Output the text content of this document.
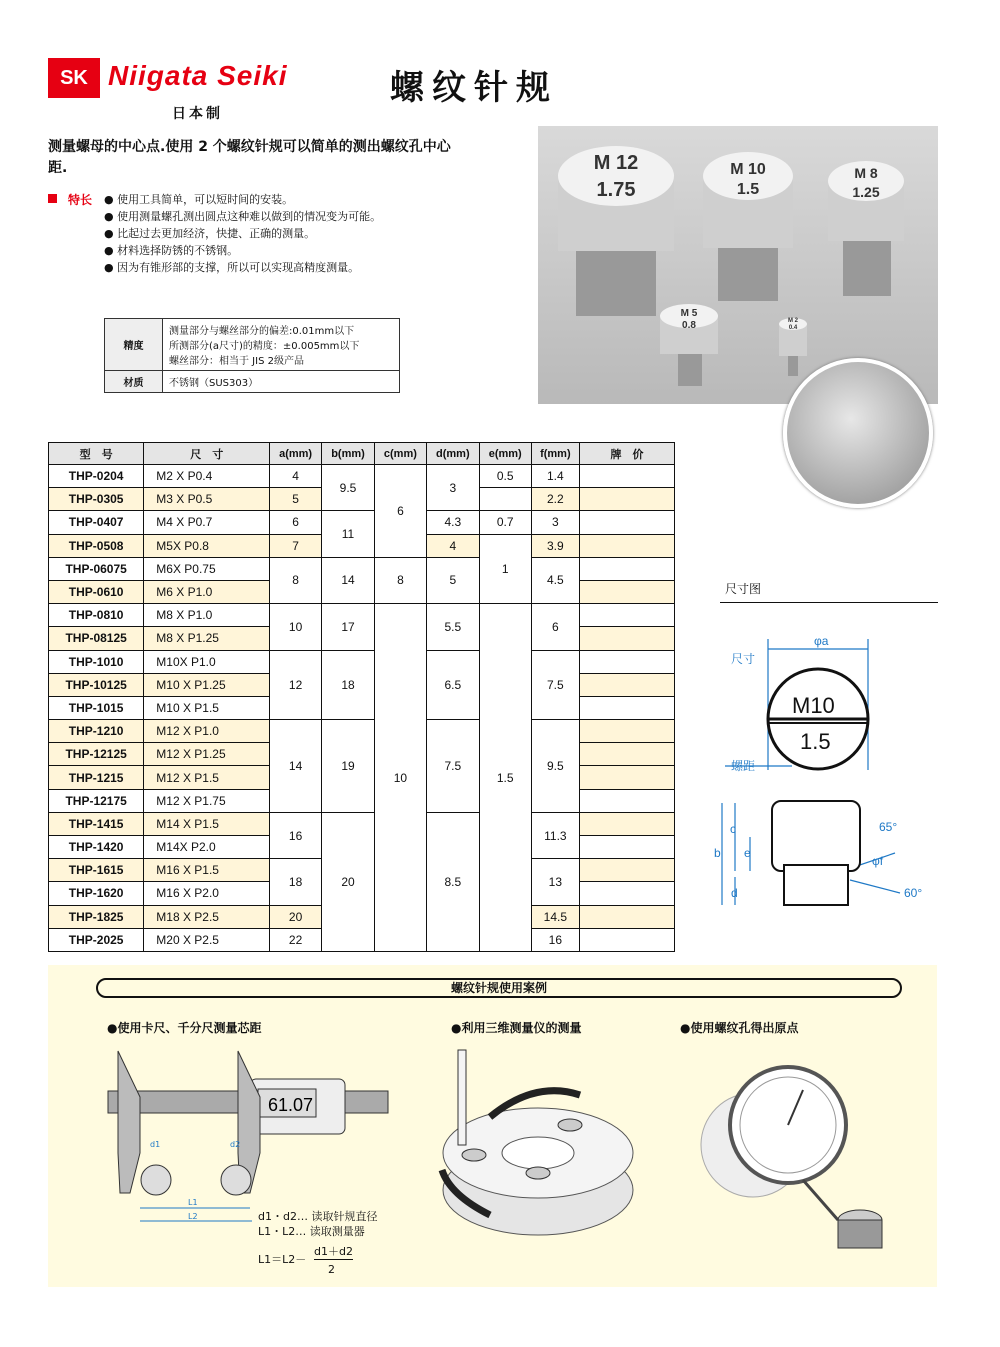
SK Niigata Seiki
日本制
螺纹针规
测量螺母的中心点.使用 2 个螺纹针规可以简单的测出螺纹孔中心距.
特长	● 使用工具简单，可以短时间的安装。
● 使用测量螺孔测出圆点这种难以做到的情况变为可能。
● 比起过去更加经济，快捷、正确的测量。
● 材料选择防锈的不锈钢。
● 因为有锥形部的支撑，所以可以实现高精度测量。
精度	测量部分与螺丝部分的偏差:0.01mm以下
所测部分(a尺寸)的精度：±0.005mm以下
螺丝部分：相当于 JIS 2级产品

材质	不锈钢（SUS303）
M 12
1.75
M 10
1.5
M 8
1.25
M 5
0.8	M 2
0.4
型　号	尺　寸	a(mm)	b(mm)	c(mm)	d(mm)	e(mm)	f(mm)	牌　价
THP-0204	M2 X P0.4	4	9.5	6	3	0.5	1.4	
THP-0305	M3 X P0.5	5					2.2	
THP-0407	M4 X P0.7	6	11		4.3	0.7	3	
THP-0508	M5X P0.8	7			4	1	3.9	
THP-06075	M6X P0.75	8	14	8	5		4.5	
THP-0610	M6 X P1.0							
THP-0810	M8 X P1.0	10	17	10	5.5	1.5	6	
THP-08125	M8 X P1.25							
THP-1010	M10X P1.0	12	18		6.5		7.5	
THP-10125	M10 X P1.25							
THP-1015	M10 X P1.5							
THP-1210	M12 X P1.0	14	19		7.5		9.5	
THP-12125	M12 X P1.25							
THP-1215	M12 X P1.5							
THP-12175	M12 X P1.75							
THP-1415	M14 X P1.5	16	20		8.5		11.3	
THP-1420	M14X P2.0							
THP-1615	M16 X P1.5	18					13	
THP-1620	M16 X P2.0							
THP-1825	M18 X P2.5	20					14.5	
THP-2025	M20 X P2.5	22					16	
尺寸图
φa
尺寸
螺距
c
e
b
d
φf
65°
60°
M10
1.5
螺纹针规使用案例
● 使用卡尺、千分尺测量芯距	● 利用三维测量仪的测量	● 使用螺纹孔得出原点
61.07
d1	d2
L1
L2	d1・d2… 读取针规直径
L1・L2… 读取测量器
L1＝L2－
d1＋d2
2
